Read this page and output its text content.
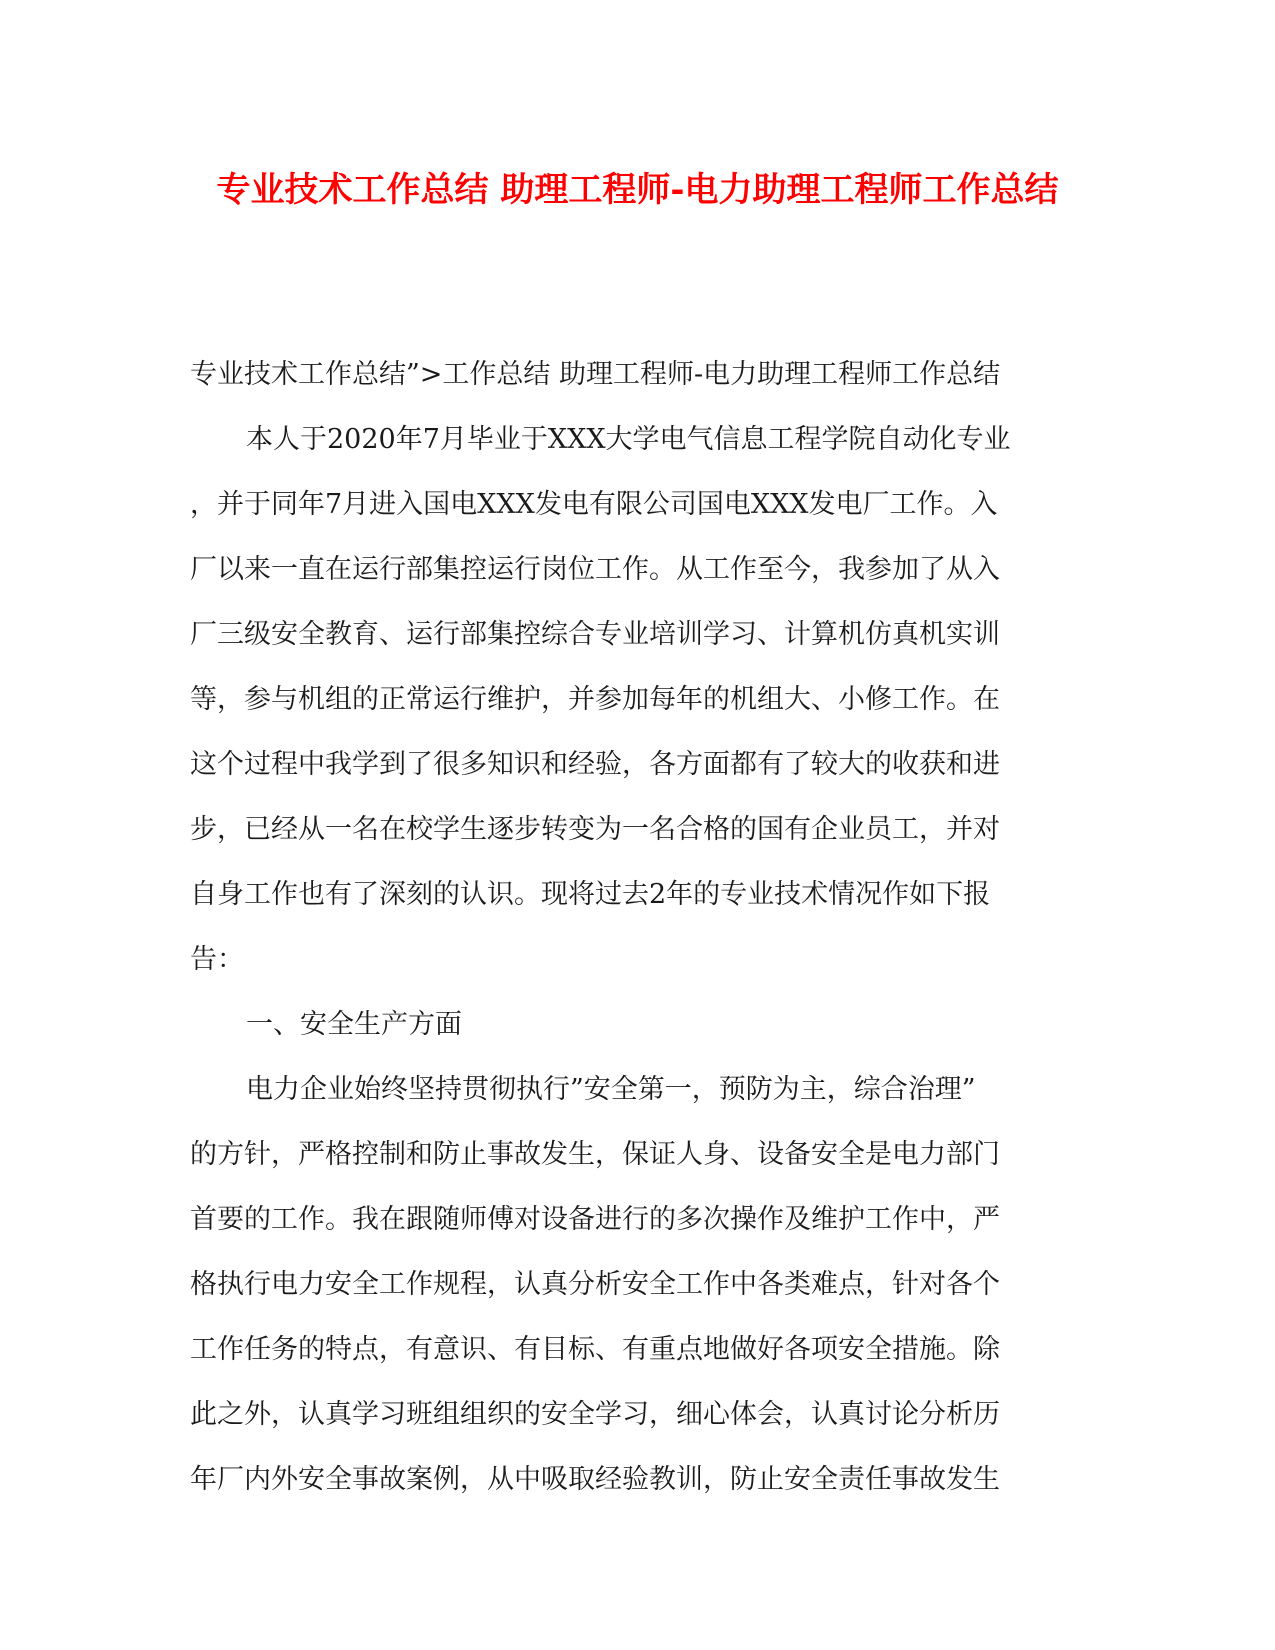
专业技术工作总结 助理工程师-电力助理工程师工作总结
专业技术工作总结”>工作总结 助理工程师-电力助理工程师工作总结
本人于2020年7月毕业于XXX大学电气信息工程学院自动化专业
，并于同年7月进入国电XXX发电有限公司国电XXX发电厂工作。入
厂以来一直在运行部集控运行岗位工作。从工作至今，我参加了从入
厂三级安全教育、运行部集控综合专业培训学习、计算机仿真机实训
等，参与机组的正常运行维护，并参加每年的机组大、小修工作。在
这个过程中我学到了很多知识和经验，各方面都有了较大的收获和进
步，已经从一名在校学生逐步转变为一名合格的国有企业员工，并对
自身工作也有了深刻的认识。现将过去2年的专业技术情况作如下报
告：
一、安全生产方面
电力企业始终坚持贯彻执行”安全第一，预防为主，综合治理”
的方针，严格控制和防止事故发生，保证人身、设备安全是电力部门
首要的工作。我在跟随师傅对设备进行的多次操作及维护工作中，严
格执行电力安全工作规程，认真分析安全工作中各类难点，针对各个
工作任务的特点，有意识、有目标、有重点地做好各项安全措施。除
此之外，认真学习班组组织的安全学习，细心体会，认真讨论分析历
年厂内外安全事故案例，从中吸取经验教训，防止安全责任事故发生
